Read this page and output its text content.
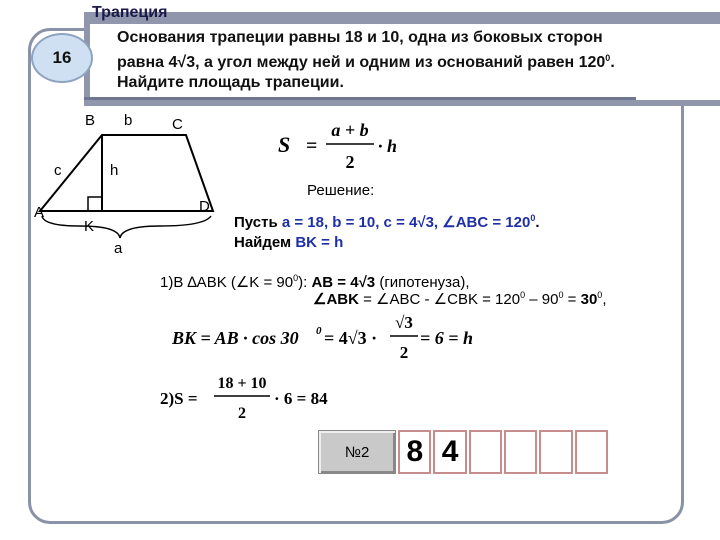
Трапеция
16
Основания трапеции равны 18 и 10, одна из боковых сторон
равна 4√3, а угол между ней и одним из оснований равен $120^0$.
Найдите площадь трапеции.
B b	C
c	h
A
K
D
a
S =
a + b
2
· h
Решение:
Пусть a = 18, b = 10, c = 4√3, ∠ABC = $120^0$.
Найдем BK = h
1)В ∆ABK (∠K = $90^0$): AB = 4√3 (гипотенуза),
∠ABK = ∠ABC - ∠CBK = $120^0 - 90^0 = 30^0$,
BK = AB · cos 30 0 = 4√3 ·
√3
2
= 6 = h
2)S =
18 + 10
2
· 6 = 84
№2	8 4
